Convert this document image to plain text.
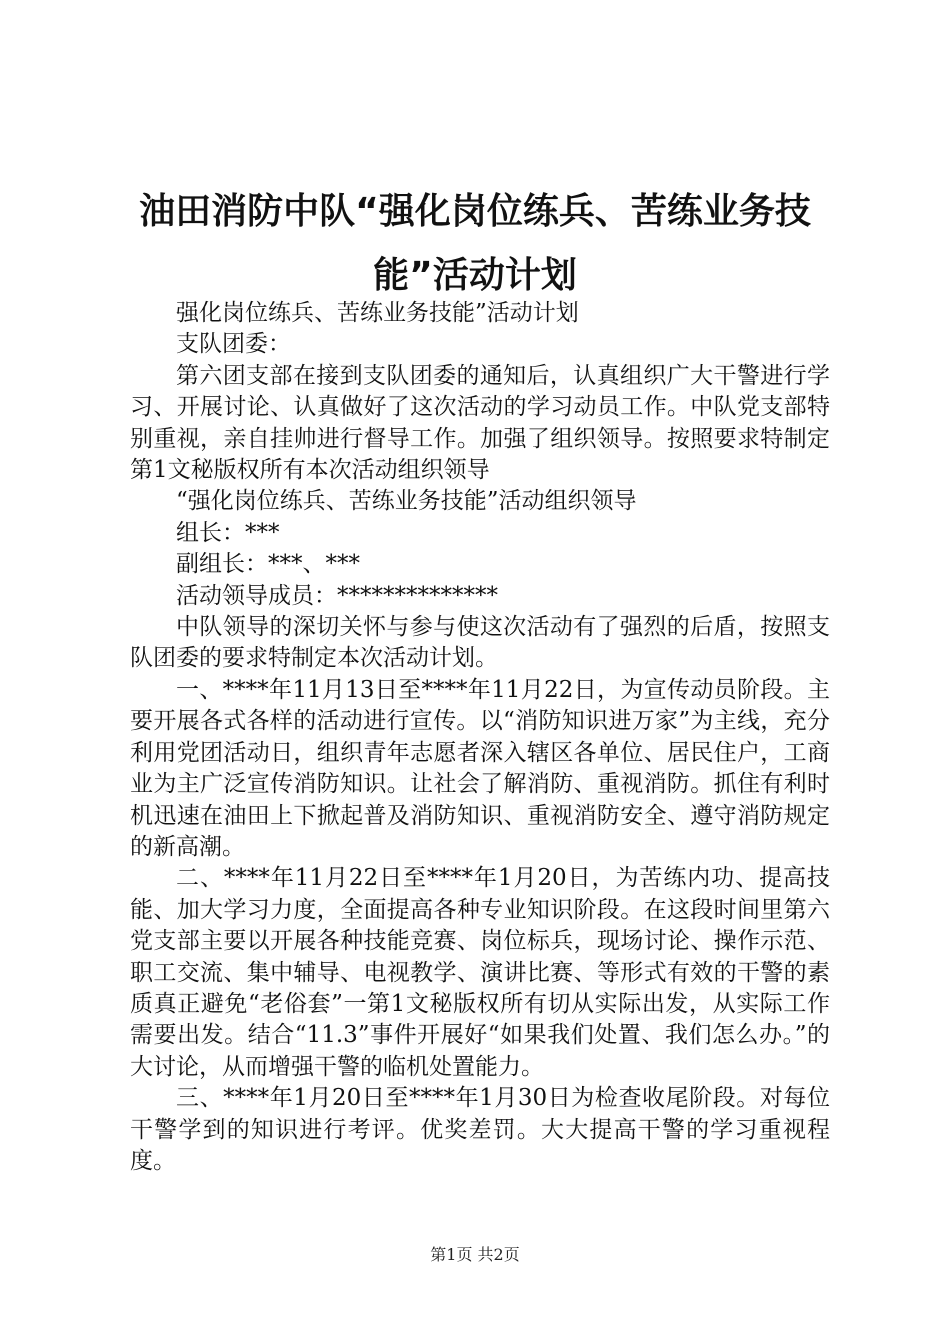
油田消防中队“强化岗位练兵、苦练业务技能”活动计划

强化岗位练兵、苦练业务技能”活动计划

支队团委：

第六团支部在接到支队团委的通知后，认真组织广大干警进行学习、开展讨论、认真做好了这次活动的学习动员工作。中队党支部特别重视，亲自挂帅进行督导工作。加强了组织领导。按照要求特制定第1文秘版权所有本次活动组织领导

“强化岗位练兵、苦练业务技能”活动组织领导

组长：***

副组长：***、***

活动领导成员：**************

中队领导的深切关怀与参与使这次活动有了强烈的后盾，按照支队团委的要求特制定本次活动计划。

一、****年11月13日至****年11月22日，为宣传动员阶段。主要开展各式各样的活动进行宣传。以“消防知识进万家”为主线，充分利用党团活动日，组织青年志愿者深入辖区各单位、居民住户，工商业为主广泛宣传消防知识。让社会了解消防、重视消防。抓住有利时机迅速在油田上下掀起普及消防知识、重视消防安全、遵守消防规定的新高潮。

二、****年11月22日至****年1月20日，为苦练内功、提高技能、加大学习力度，全面提高各种专业知识阶段。在这段时间里第六党支部主要以开展各种技能竞赛、岗位标兵，现场讨论、操作示范、职工交流、集中辅导、电视教学、演讲比赛、等形式有效的干警的素质真正避免“老俗套”一第1文秘版权所有切从实际出发，从实际工作需要出发。结合“11.3”事件开展好“如果我们处置、我们怎么办。”的大讨论，从而增强干警的临机处置能力。

三、****年1月20日至****年1月30日为检查收尾阶段。对每位干警学到的知识进行考评。优奖差罚。大大提高干警的学习重视程度。

第1页 共2页
